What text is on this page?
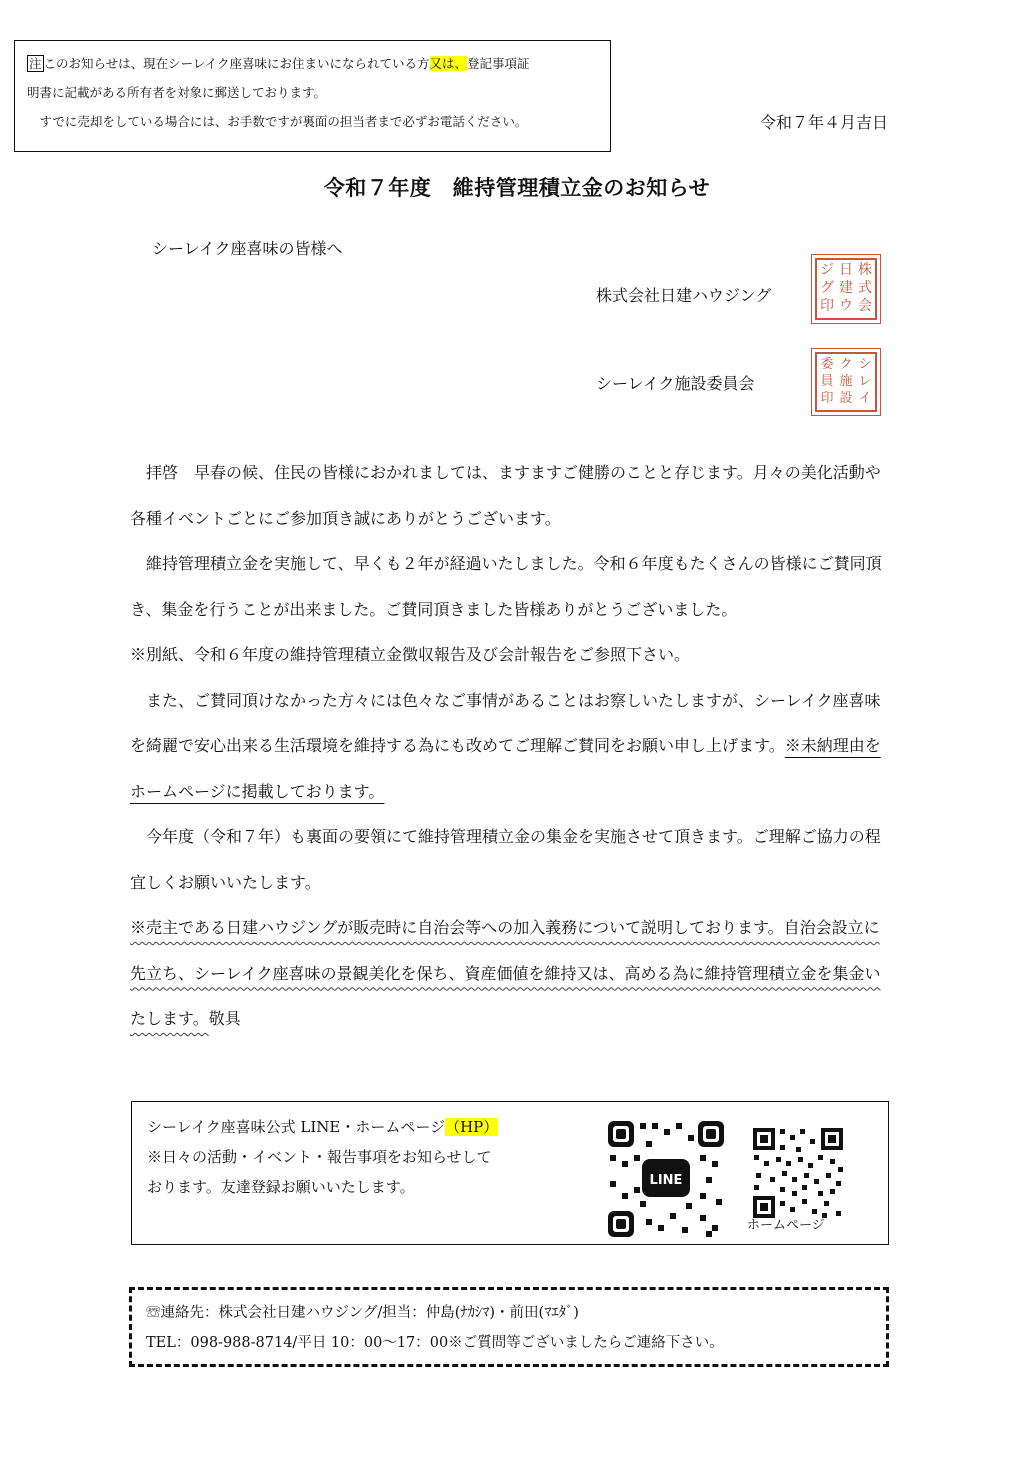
注 このお知らせは、現在シーレイク座喜味にお住まいになられている方又は、登記事項証
明書に記載がある所有者を対象に郵送しております。
すでに売却をしている場合には、お手数ですが裏面の担当者まで必ずお電話ください。	令和７年４月吉日
令和７年度　維持管理積立金のお知らせ
シーレイク座喜味の皆様へ
株式会社日建ハウジング
株
式
会
日
建
ウ
ジ
グ
印
シーレイク施設委員会
シ
レ
イ
ク
施
設
委
員
印

拝啓　早春の候、住民の皆様におかれましては、ますますご健勝のことと存じます。月々の美化活動や各種イベントごとにご参加頂き誠にありがとうございます。

維持管理積立金を実施して、早くも２年が経過いたしました。令和６年度もたくさんの皆様にご賛同頂き、集金を行うことが出来ました。ご賛同頂きました皆様ありがとうございました。

※別紙、令和６年度の維持管理積立金徴収報告及び会計報告をご参照下さい。

また、ご賛同頂けなかった方々には色々なご事情があることはお察しいたしますが、シーレイク座喜味を綺麗で安心出来る生活環境を維持する為にも改めてご理解ご賛同をお願い申し上げます。※未納理由をホームページに掲載しております。

今年度（令和７年）も裏面の要領にて維持管理積立金の集金を実施させて頂きます。ご理解ご協力の程宜しくお願いいたします。

※売主である日建ハウジングが販売時に自治会等への加入義務について説明しております。自治会設立に先立ち、シーレイク座喜味の景観美化を保ち、資産価値を維持又は、高める為に維持管理積立金を集金いたします。敬具

シーレイク座喜味公式 LINE・ホームページ（HP）
※日々の活動・イベント・報告事項をお知らせして
おります。友達登録お願いいたします。	LINE
ホームページ
☏連絡先：株式会社日建ハウジング/担当：仲島(ﾅｶｼﾏ)・前田(ﾏｴﾀﾞ)
TEL：098-988-8714/平日 10：00～17：00※ご質問等ございましたらご連絡下さい。
